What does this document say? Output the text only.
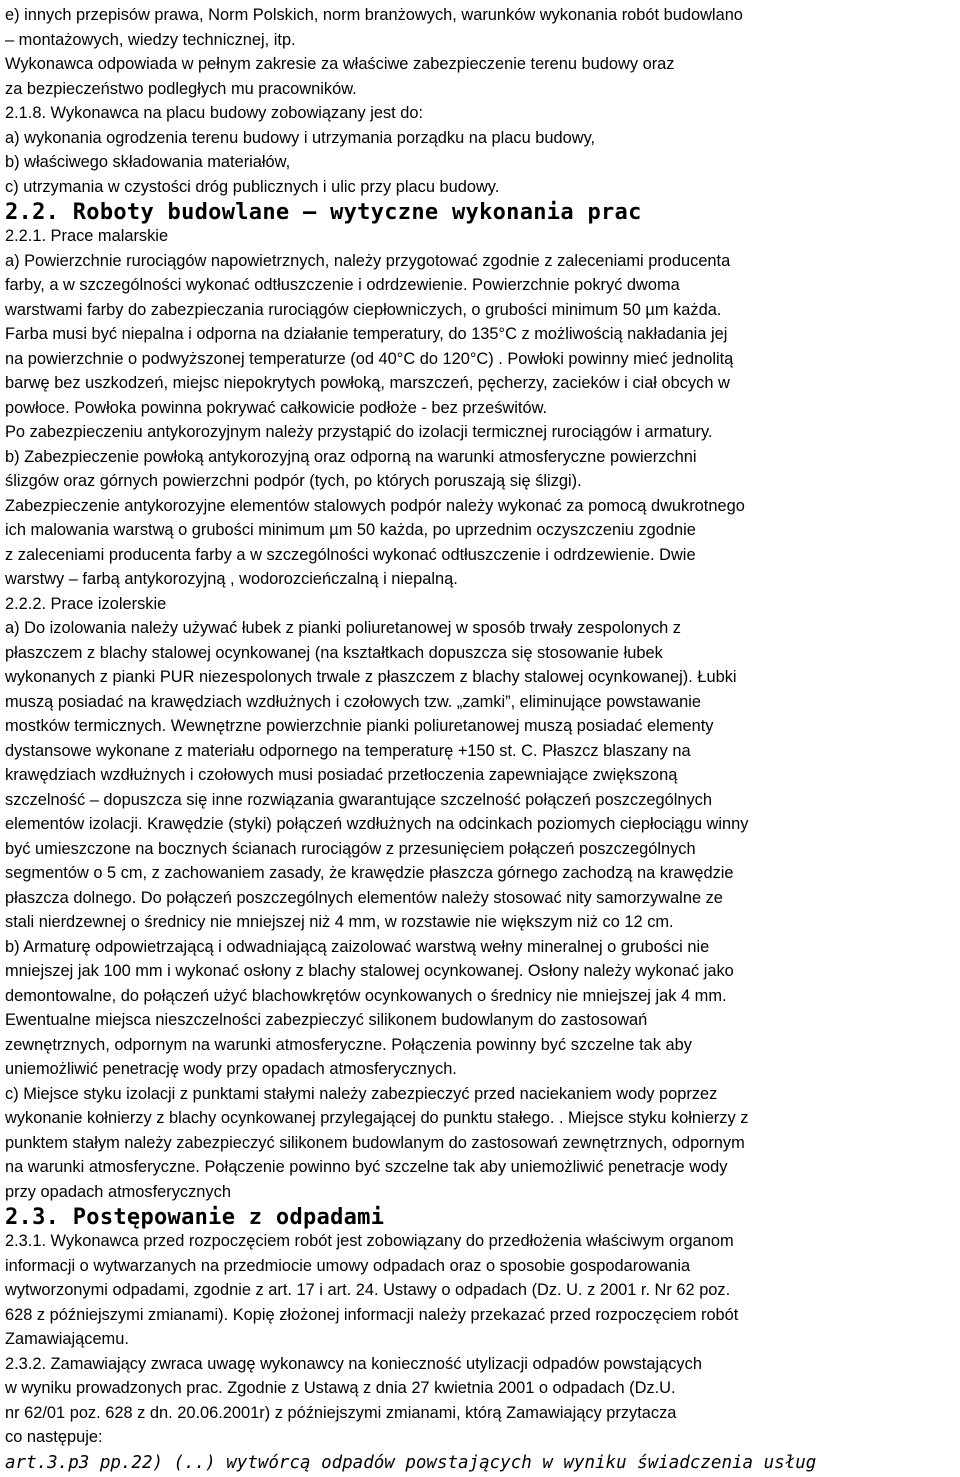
e) innych przepisów prawa, Norm Polskich, norm branżowych, warunków wykonania robót budowlano
– montażowych, wiedzy technicznej, itp.
Wykonawca odpowiada w pełnym zakresie za właściwe zabezpieczenie terenu budowy oraz
za bezpieczeństwo podległych mu pracowników.
2.1.8. Wykonawca na placu budowy zobowiązany jest do:
a) wykonania ogrodzenia terenu budowy i utrzymania porządku na placu budowy,
b) właściwego składowania materiałów,
c) utrzymania w czystości dróg publicznych i ulic przy placu budowy.
2.2. Roboty budowlane – wytyczne wykonania prac
2.2.1. Prace malarskie
a) Powierzchnie rurociągów napowietrznych, należy przygotować zgodnie z zaleceniami producenta
farby, a w szczególności wykonać odtłuszczenie i odrdzewienie. Powierzchnie pokryć dwoma
warstwami farby do zabezpieczania rurociągów ciepłowniczych, o grubości minimum 50 µm każda.
Farba musi być niepalna i odporna na działanie temperatury, do 135°C z możliwością nakładania jej
na powierzchnie o podwyższonej temperaturze (od 40°C do 120°C) . Powłoki powinny mieć jednolitą
barwę bez uszkodzeń, miejsc niepokrytych powłoką, marszczeń, pęcherzy, zacieków i ciał obcych w
powłoce. Powłoka powinna pokrywać całkowicie podłoże - bez prześwitów.
Po zabezpieczeniu antykorozyjnym należy przystąpić do izolacji termicznej rurociągów i armatury.
b) Zabezpieczenie powłoką antykorozyjną oraz odporną na warunki atmosferyczne powierzchni
ślizgów oraz górnych powierzchni podpór (tych, po których poruszają się ślizgi).
Zabezpieczenie antykorozyjne elementów stalowych podpór należy wykonać za pomocą dwukrotnego
ich malowania warstwą o grubości minimum µm 50 każda, po uprzednim oczyszczeniu zgodnie
z zaleceniami producenta farby a w szczególności wykonać odtłuszczenie i odrdzewienie. Dwie
warstwy – farbą antykorozyjną , wodorozcieńczalną i niepalną.
2.2.2. Prace izolerskie
a) Do izolowania należy używać łubek z pianki poliuretanowej w sposób trwały zespolonych z
płaszczem z blachy stalowej ocynkowanej (na kształtkach dopuszcza się stosowanie łubek
wykonanych z pianki PUR niezespolonych trwale z płaszczem z blachy stalowej ocynkowanej). Łubki
muszą posiadać na krawędziach wzdłużnych i czołowych tzw. „zamki”, eliminujące powstawanie
mostków termicznych. Wewnętrzne powierzchnie pianki poliuretanowej muszą posiadać elementy
dystansowe wykonane z materiału odpornego na temperaturę +150 st. C. Płaszcz blaszany na
krawędziach wzdłużnych i czołowych musi posiadać przetłoczenia zapewniające zwiększoną
szczelność – dopuszcza się inne rozwiązania gwarantujące szczelność połączeń poszczególnych
elementów izolacji. Krawędzie (styki) połączeń wzdłużnych na odcinkach poziomych ciepłociągu winny
być umieszczone na bocznych ścianach rurociągów z przesunięciem połączeń poszczególnych
segmentów o 5 cm, z zachowaniem zasady, że krawędzie płaszcza górnego zachodzą na krawędzie
płaszcza dolnego. Do połączeń poszczególnych elementów należy stosować nity samorzywalne ze
stali nierdzewnej o średnicy nie mniejszej niż 4 mm, w rozstawie nie większym niż co 12 cm.
b) Armaturę odpowietrzającą i odwadniającą zaizolować warstwą wełny mineralnej o grubości nie
mniejszej jak 100 mm i wykonać osłony z blachy stalowej ocynkowanej. Osłony należy wykonać jako
demontowalne, do połączeń użyć blachowkrętów ocynkowanych o średnicy nie mniejszej jak 4 mm.
Ewentualne miejsca nieszczelności zabezpieczyć silikonem budowlanym do zastosowań
zewnętrznych, odpornym na warunki atmosferyczne. Połączenia powinny być szczelne tak aby
uniemożliwić penetrację wody przy opadach atmosferycznych.
c) Miejsce styku izolacji z punktami stałymi należy zabezpieczyć przed naciekaniem wody poprzez
wykonanie kołnierzy z blachy ocynkowanej przylegającej do punktu stałego. . Miejsce styku kołnierzy z
punktem stałym należy zabezpieczyć silikonem budowlanym do zastosowań zewnętrznych, odpornym
na warunki atmosferyczne. Połączenie powinno być szczelne tak aby uniemożliwić penetracje wody
przy opadach atmosferycznych
2.3. Postępowanie z odpadami
2.3.1. Wykonawca przed rozpoczęciem robót jest zobowiązany do przedłożenia właściwym organom
informacji o wytwarzanych na przedmiocie umowy odpadach oraz o sposobie gospodarowania
wytworzonymi odpadami, zgodnie z art. 17 i art. 24. Ustawy o odpadach (Dz. U. z 2001 r. Nr 62 poz.
628 z późniejszymi zmianami). Kopię złożonej informacji należy przekazać przed rozpoczęciem robót
Zamawiającemu.
2.3.2. Zamawiający zwraca uwagę wykonawcy na konieczność utylizacji odpadów powstających
w wyniku prowadzonych prac. Zgodnie z Ustawą z dnia 27 kwietnia 2001 o odpadach (Dz.U.
nr 62/01 poz. 628 z dn. 20.06.2001r) z późniejszymi zmianami, którą Zamawiający przytacza
co następuje:
art.3.p3 pp.22) (..) wytwórcą odpadów powstających w wyniku świadczenia usług
